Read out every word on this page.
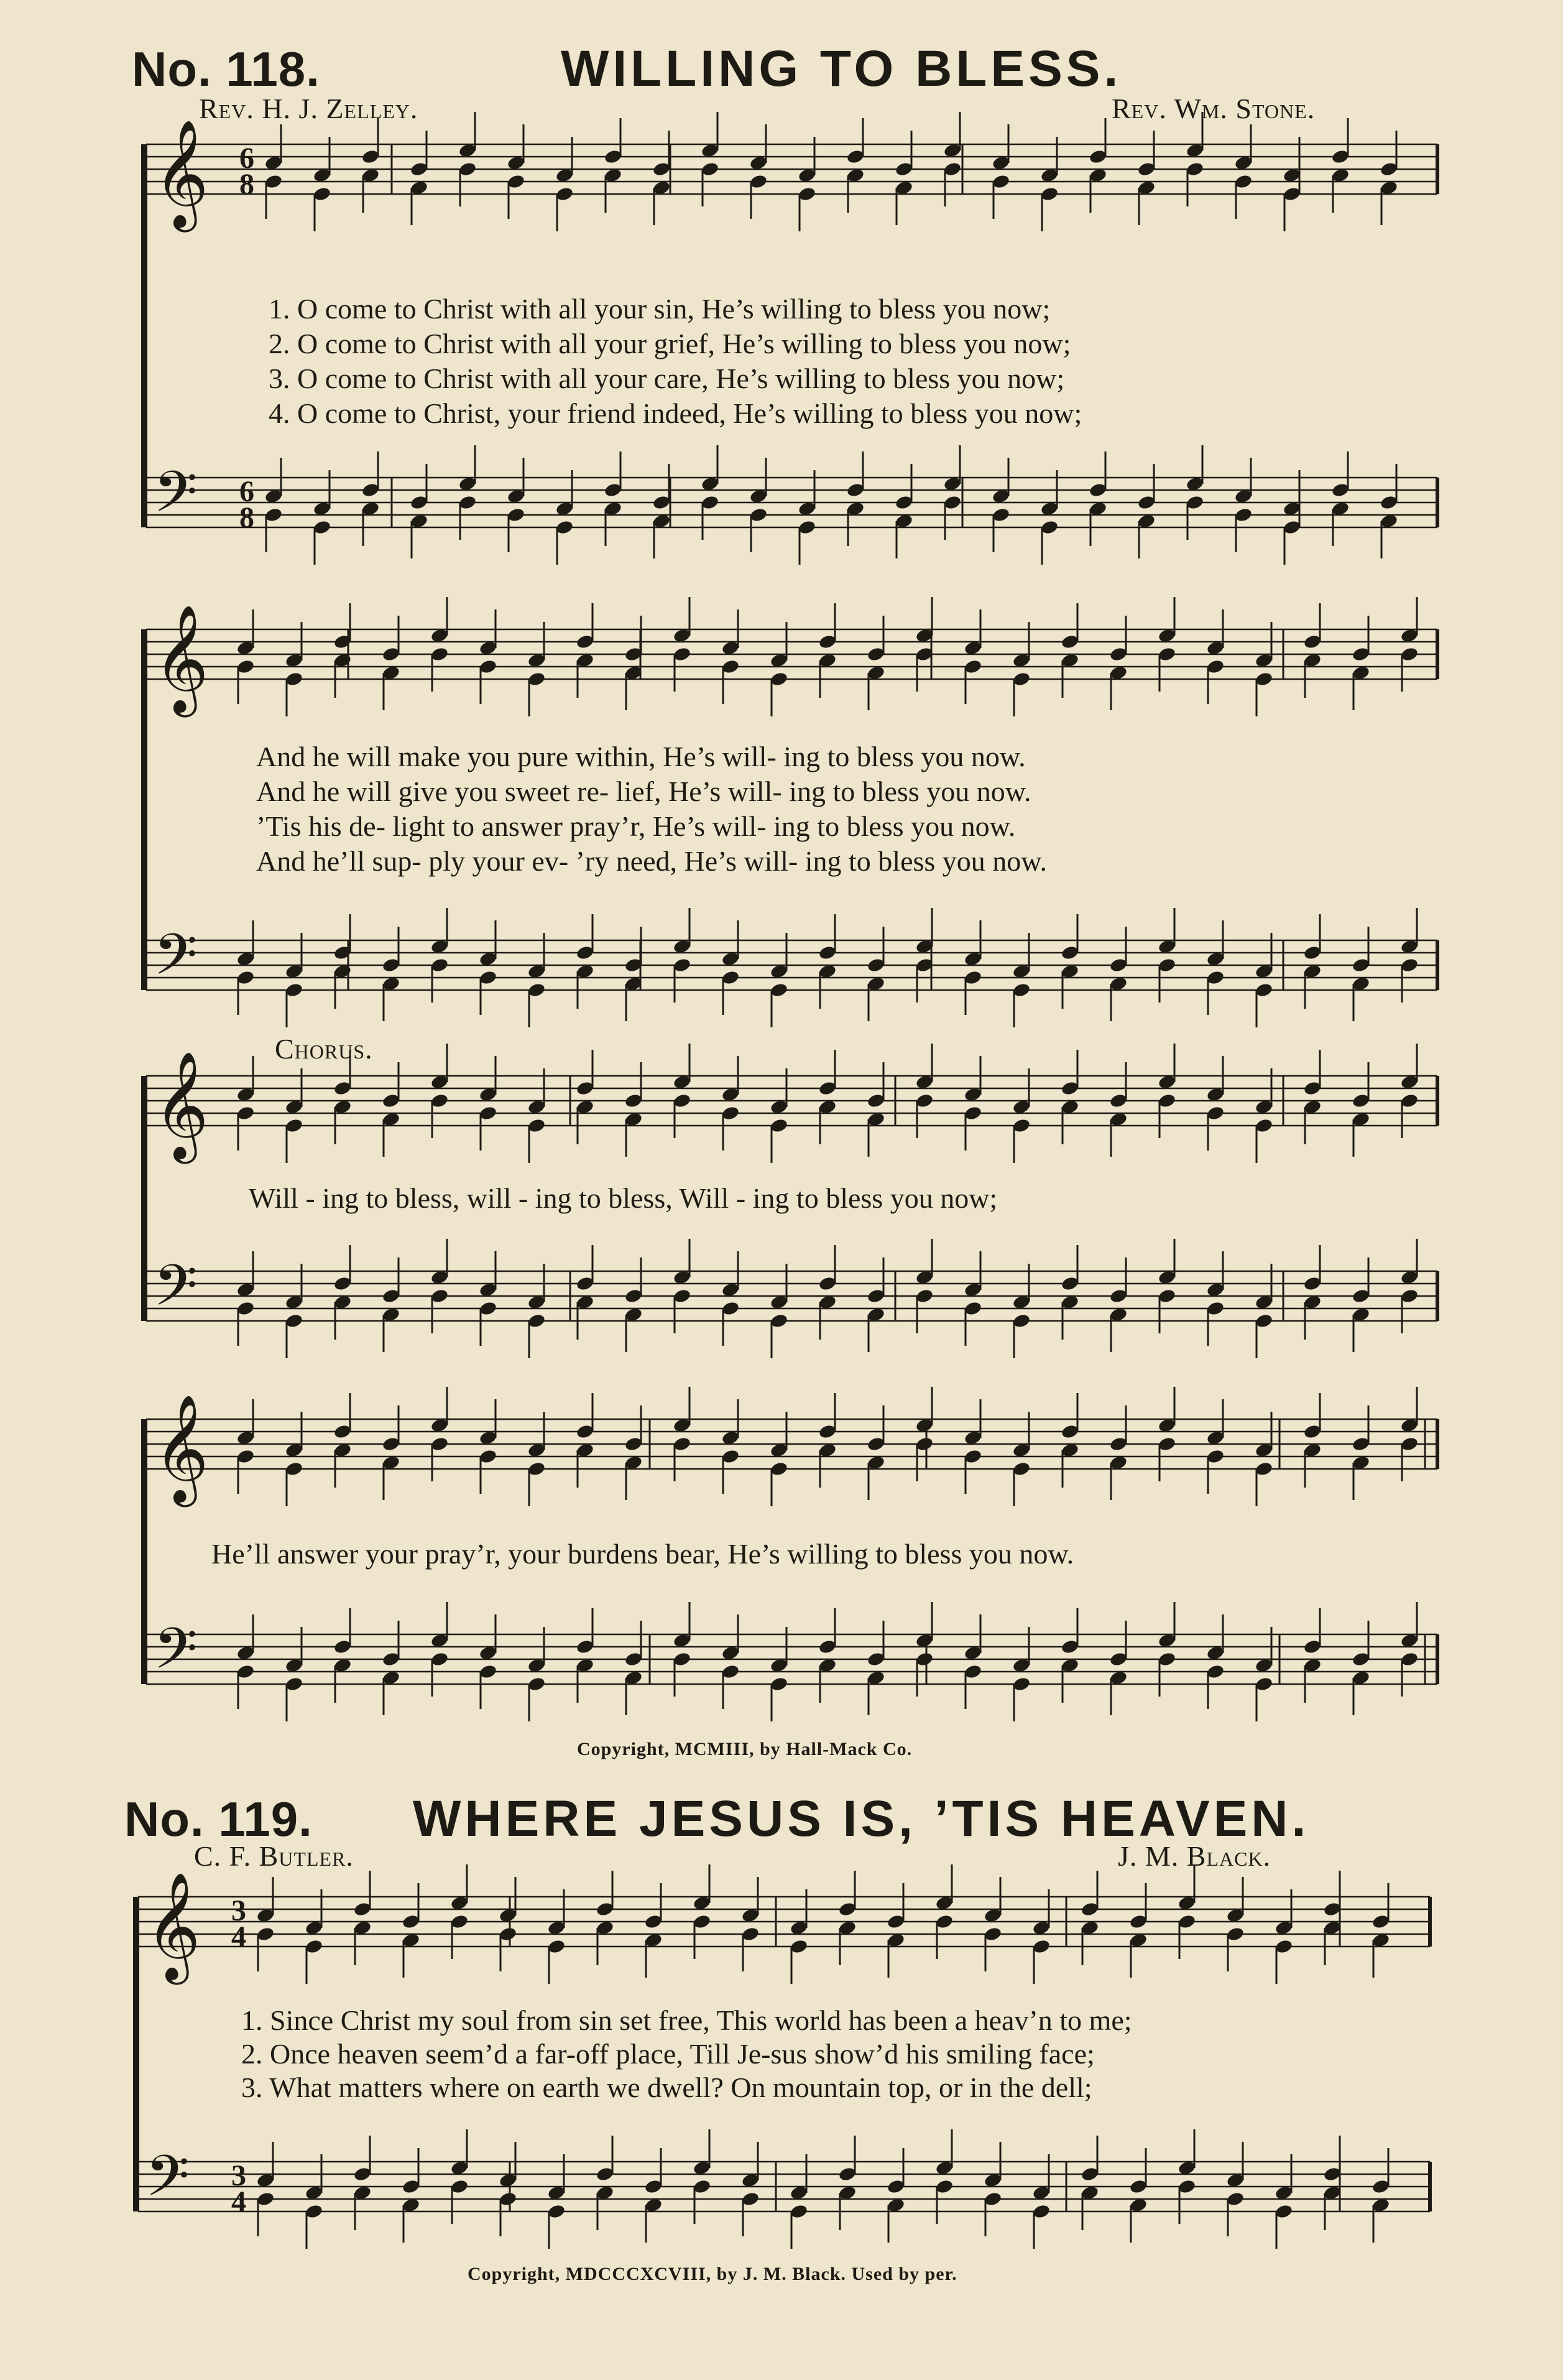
𝄞 6
8
𝄢 6
8
𝄞
𝄢
𝄞
𝄢
𝄞
𝄢
𝄞 3
4
𝄢 3
4
No. 118.	WILLING TO BLESS.
Rev. H. J. Zelley.	Rev. Wm. Stone.
1. O come to Christ with all your sin, He’s willing to bless you now;
2. O come to Christ with all your grief, He’s willing to bless you now;
3. O come to Christ with all your care, He’s willing to bless you now;
4. O come to Christ, your friend indeed, He’s willing to bless you now;
And he will make you pure within, He’s will- ing to bless you now.
And he will give you sweet re- lief, He’s will- ing to bless you now.
’Tis his de- light to answer pray’r, He’s will- ing to bless you now.
And he’ll sup- ply your ev- ’ry need, He’s will- ing to bless you now.
Chorus.
Will - ing to bless, will - ing to bless, Will - ing to bless you now;
He’ll answer your pray’r, your burdens bear, He’s willing to bless you now.
Copyright, MCMIII, by Hall-Mack Co.
No. 119. WHERE JESUS IS, ’TIS HEAVEN.
C. F. Butler.	J. M. Black.
1. Since Christ my soul from sin set free, This world has been a heav’n to me;
2. Once heaven seem’d a far-off place, Till Je-sus show’d his smiling face;
3. What matters where on earth we dwell? On mountain top, or in the dell;
Copyright, MDCCCXCVIII, by J. M. Black. Used by per.
